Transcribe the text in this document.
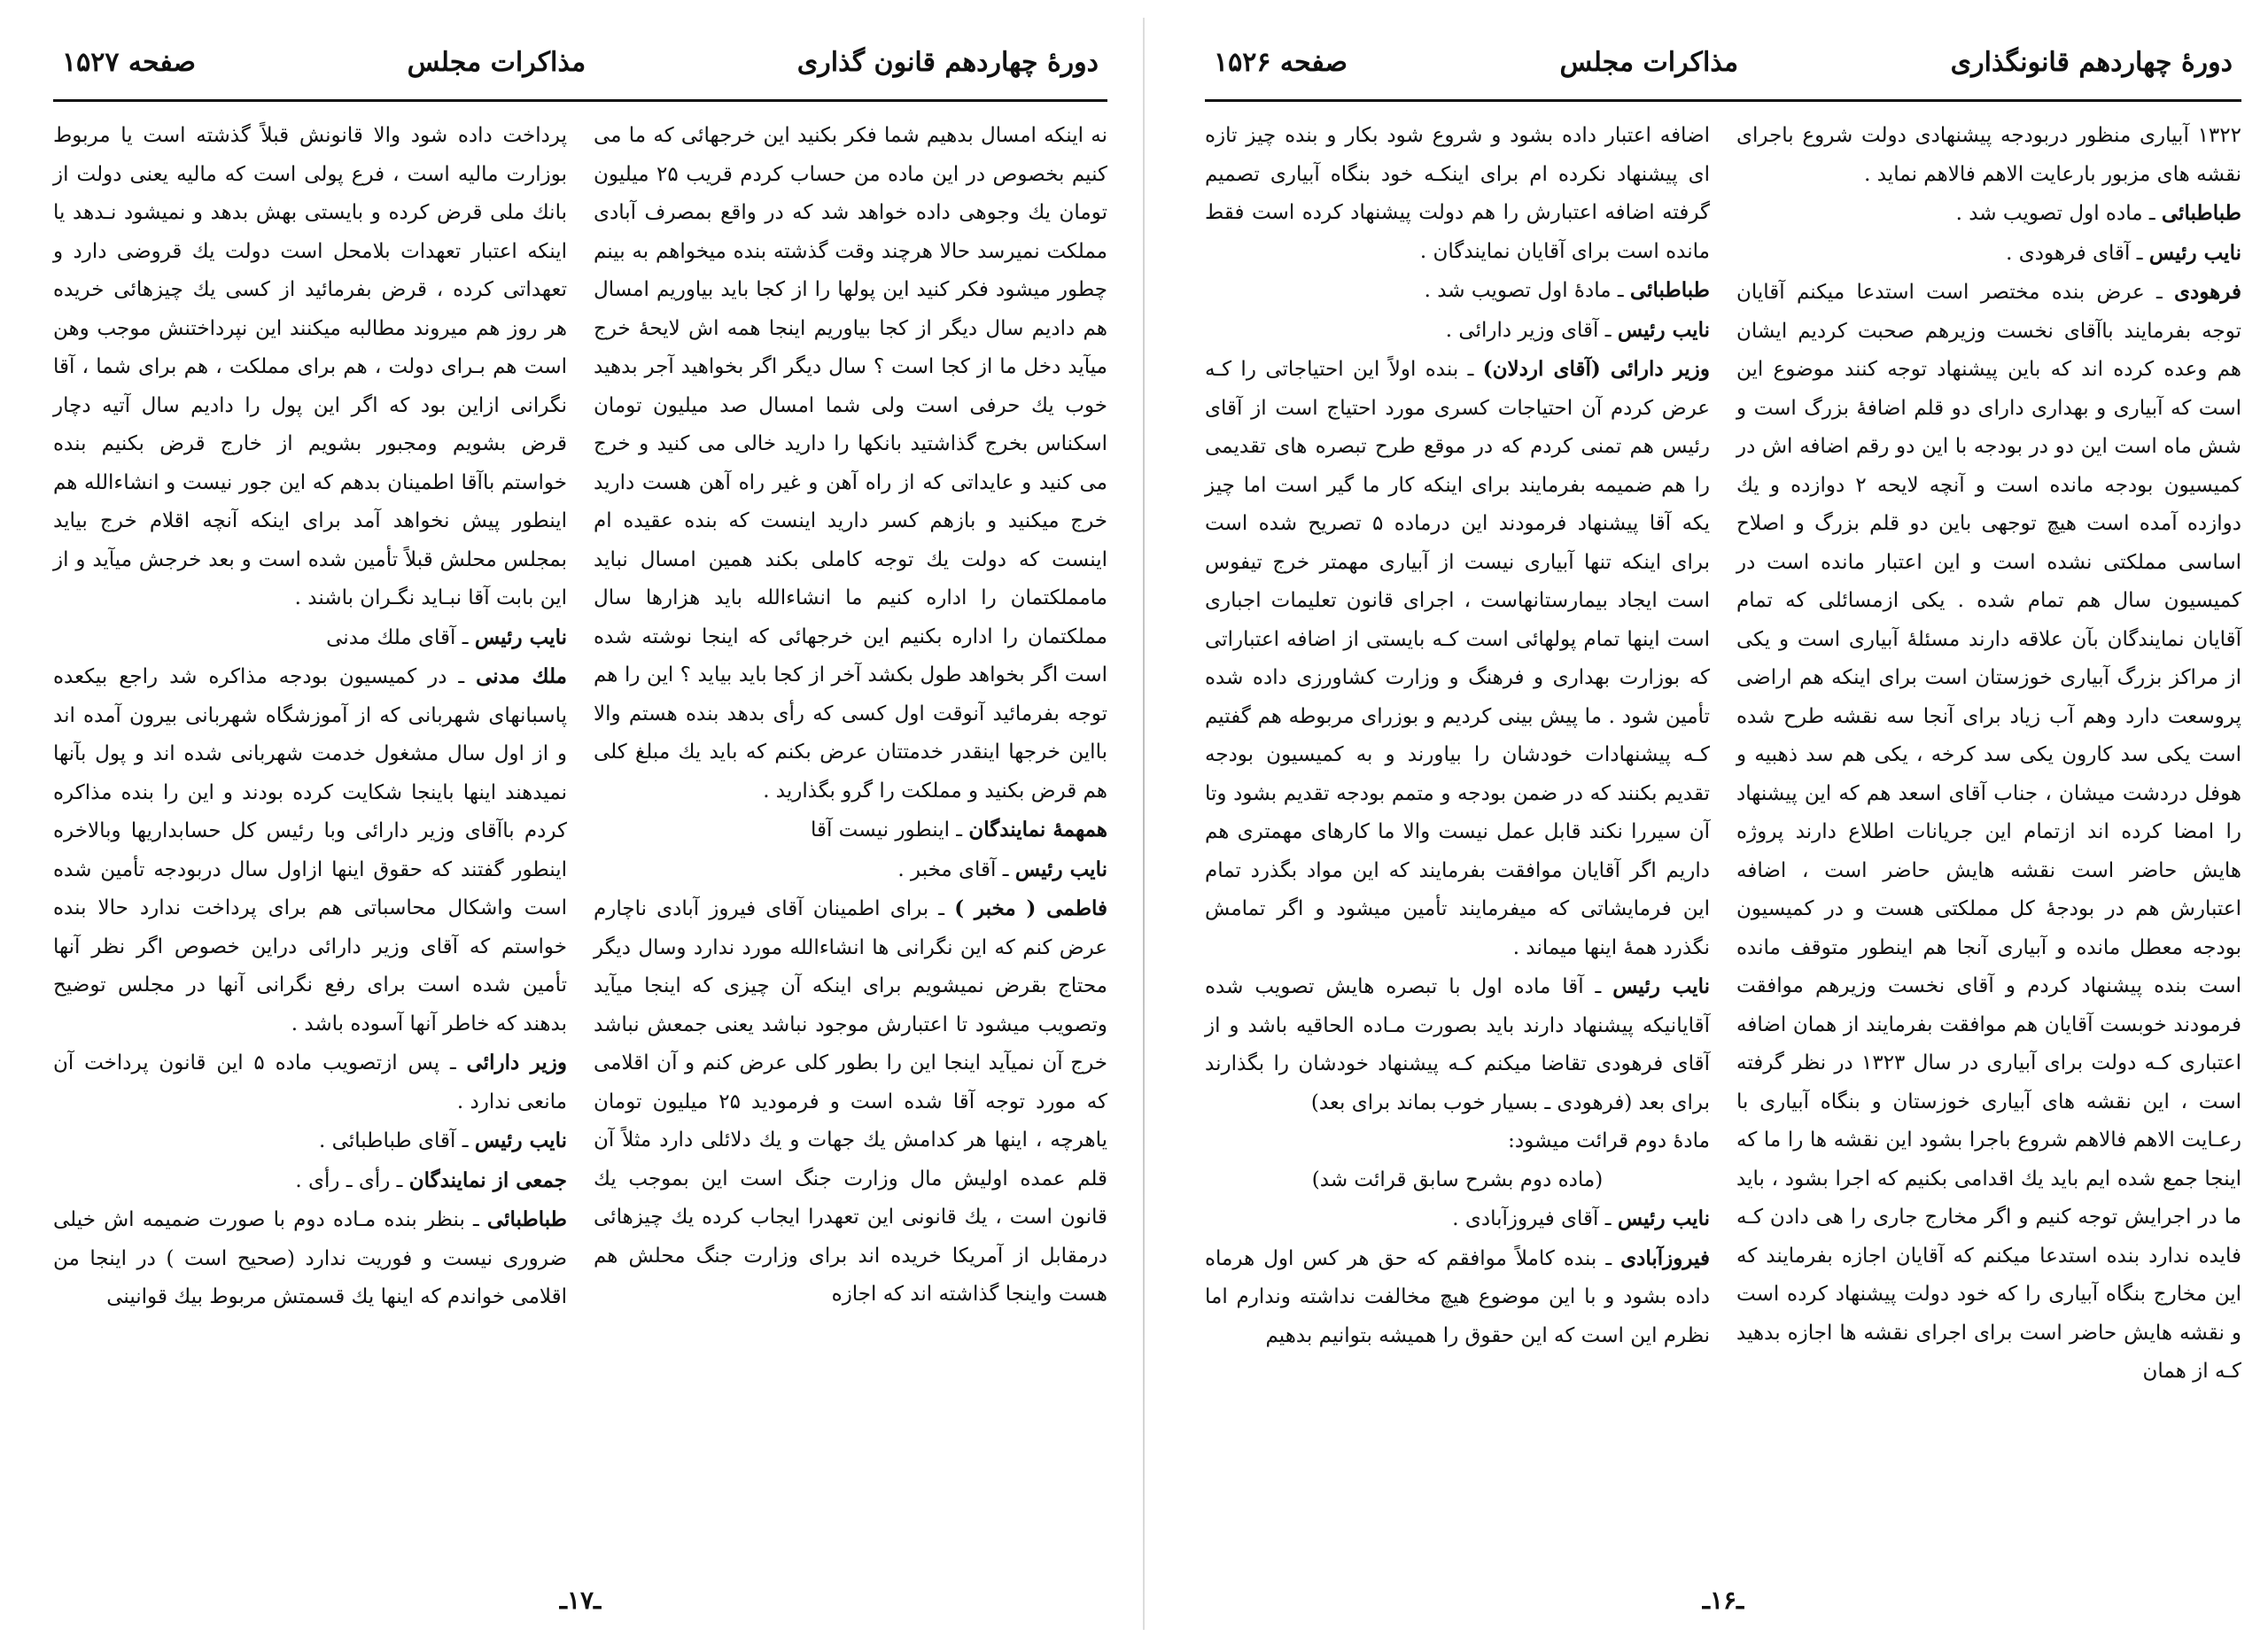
دورهٔ چهاردهم قانون گذاری
مذاکرات مجلس
صفحه ۱۵۲۷

نه اینکه امسال بدهیم شما فکر بکنید این خرجهائی که ما می کنیم بخصوص در این ماده من حساب کردم قریب ۲۵ میلیون تومان یك وجوهی داده خواهد شد که در واقع بمصرف آبادی مملکت نمیرسد حالا هرچند وقت گذشته بنده میخواهم به بینم چطور میشود فکر کنید این پولها را از کجا باید بیاوریم امسال هم دادیم سال دیگر از کجا بیاوریم اینجا همه اش لایحهٔ خرج میآید دخل ما از کجا است ؟ سال دیگر اگر بخواهید آجر بدهید خوب یك حرفی است ولی شما امسال صد میلیون تومان اسکناس بخرج گذاشتید بانکها را دارید خالی می کنید و خرج می کنید و عایداتی که از راه آهن و غیر راه آهن هست دارید خرج میکنید و بازهم کسر دارید اینست که بنده عقیده ام اینست که دولت یك توجه کاملی بکند همین امسال نباید مامملکتمان را اداره کنیم ما انشاءالله باید هزارها سال مملکتمان را اداره بکنیم این خرجهائی که اینجا نوشته شده است اگر بخواهد طول بکشد آخر از کجا باید بیاید ؟ این را هم توجه بفرمائید آنوقت اول کسی که رأی بدهد بنده هستم والا بااین خرجها اینقدر خدمتتان عرض بکنم که باید یك مبلغ کلی هم قرض بکنید و مملکت را گرو بگذارید .

همهمهٔ نمایندگان ـ اینطور نیست آقا

نایب رئیس ـ آقای مخبر .

فاطمی ( مخبر ) ـ برای اطمینان آقای فیروز آبادی ناچارم عرض کنم که این نگرانی ها انشاءالله مورد ندارد وسال دیگر محتاج بقرض نمیشویم برای اینکه آن چیزی که اینجا میآید وتصویب میشود تا اعتبارش موجود نباشد یعنی جمعش نباشد خرج آن نمیآید اینجا این را بطور کلی عرض کنم و آن اقلامی که مورد توجه آقا شده است و فرمودید ۲۵ میلیون تومان یاهرچه ، اینها هر کدامش یك جهات و یك دلائلی دارد مثلاً آن قلم عمده اولیش مال وزارت جنگ است این بموجب یك قانون است ، یك قانونی این تعهدرا ایجاب کرده یك چیزهائی درمقابل از آمریکا خریده اند برای وزارت جنگ محلش هم هست واینجا گذاشته اند که اجازه

پرداخت داده شود والا قانونش قبلاً گذشته است یا مربوط بوزارت مالیه است ، فرع پولی است که مالیه یعنی دولت از بانك ملی قرض کرده و بایستی بهش بدهد و نمیشود نـدهد یا اینکه اعتبار تعهدات بلامحل است دولت یك قروضی دارد و تعهداتی کرده ، قرض بفرمائید از کسی یك چیزهائی خریده هر روز هم میروند مطالبه میکنند این نپرداختنش موجب وهن است هم بـرای دولت ، هم برای مملکت ، هم برای شما ، آقا نگرانی ازاین بود که اگر این پول را دادیم سال آتیه دچار قرض بشویم ومجبور بشویم از خارج قرض بکنیم بنده خواستم باآقا اطمینان بدهم که این جور نیست و انشاءالله هم اینطور پیش نخواهد آمد برای اینکه آنچه اقلام خرج بیاید بمجلس محلش قبلاً تأمین شده است و بعد خرجش میآید و از این بابت آقا نبـاید نگـران باشند .

نایب رئیس ـ آقای ملك مدنی

ملك مدنی ـ در کمیسیون بودجه مذاکره شد راجع بیکعده پاسبانهای شهربانی که از آموزشگاه شهربانی بیرون آمده اند و از اول سال مشغول خدمت شهربانی شده اند و پول بآنها نمیدهند اینها باینجا شکایت کرده بودند و این را بنده مذاکره کردم باآقای وزیر دارائی وبا رئیس کل حسابداریها وبالاخره اینطور گفتند که حقوق اینها ازاول سال دربودجه تأمین شده است واشکال محاسباتی هم برای پرداخت ندارد حالا بنده خواستم که آقای وزیر دارائی دراین خصوص اگر نظر آنها تأمین شده است برای رفع نگرانی آنها در مجلس توضیح بدهند که خاطر آنها آسوده باشد .

وزیر دارائی ـ پس ازتصویب ماده ۵ این قانون پرداخت آن مانعی ندارد .

نایب رئیس ـ آقای طباطبائی .

جمعی از نمایندگان ـ رأی ـ رأی .

طباطبائی ـ بنظر بنده مـاده دوم با صورت ضمیمه اش خیلی ضروری نیست و فوریت ندارد (صحیح است ) در اینجا من اقلامی خواندم که اینها یك قسمتش مربوط بیك قوانینی

ـ۱۷ـ
دورهٔ چهاردهم قانونگذاری
مذاکرات مجلس
صفحه ۱۵۲۶

۱۳۲۲ آبیاری منظور دربودجه پیشنهادی دولت شروع باجرای نقشه های مزبور بارعایت الاهم فالاهم نماید .

طباطبائی ـ ماده اول تصویب شد .

نایب رئیس ـ آقای فرهودی .

فرهودی ـ عرض بنده مختصر است استدعا میکنم آقایان توجه بفرمایند باآقای نخست وزیرهم صحبت کردیم ایشان هم وعده کرده اند که باین پیشنهاد توجه کنند موضوع این است که آبیاری و بهداری دارای دو قلم اضافهٔ بزرگ است و شش ماه است این دو در بودجه با این دو رقم اضافه اش در کمیسیون بودجه مانده است و آنچه لایحه ۲ دوازده و یك دوازده آمده است هیچ توجهی باین دو قلم بزرگ و اصلاح اساسی مملکتی نشده است و این اعتبار مانده است در کمیسیون سال هم تمام شده . یکی ازمسائلی که تمام آقایان نمایندگان بآن علاقه دارند مسئلهٔ آبیاری است و یکی از مراکز بزرگ آبیاری خوزستان است برای اینکه هم اراضی پروسعت دارد وهم آب زیاد برای آنجا سه نقشه طرح شده است یکی سد کارون یکی سد کرخه ، یکی هم سد ذهبیه و هوفل دردشت میشان ، جناب آقای اسعد هم که این پیشنهاد را امضا کرده اند ازتمام این جریانات اطلاع دارند پروژه هایش حاضر است نقشه هایش حاضر است ، اضافه اعتبارش هم در بودجهٔ کل مملکتی هست و در کمیسیون بودجه معطل مانده و آبیاری آنجا هم اینطور متوقف مانده است بنده پیشنهاد کردم و آقای نخست وزیرهم موافقت فرمودند خوبست آقایان هم موافقت بفرمایند از همان اضافه اعتباری کـه دولت برای آبیاری در سال ۱۳۲۳ در نظر گرفته است ، این نقشه های آبیاری خوزستان و بنگاه آبیاری با رعـایت الاهم فالاهم شروع باجرا بشود این نقشه ها را ما که اینجا جمع شده ایم باید یك اقدامی بکنیم که اجرا بشود ، باید ما در اجرایش توجه کنیم و اگر مخارج جاری را هی دادن کـه فایده ندارد بنده استدعا میکنم که آقایان اجازه بفرمایند که این مخارج بنگاه آبیاری را که خود دولت پیشنهاد کرده است و نقشه هایش حاضر است برای اجرای نقشه ها اجازه بدهید کـه از همان

اضافه اعتبار داده بشود و شروع شود بکار و بنده چیز تازه ای پیشنهاد نکرده ام برای اینکـه خود بنگاه آبیاری تصمیم گرفته اضافه اعتبارش را هم دولت پیشنهاد کرده است فقط مانده است برای آقایان نمایندگان .

طباطبائی ـ مادهٔ اول تصویب شد .

نایب رئیس ـ آقای وزیر دارائی .

وزیر دارائی (آقای اردلان) ـ بنده اولاً این احتیاجاتی را کـه عرض کردم آن احتیاجات کسری مورد احتیاج است از آقای رئیس هم تمنی کردم که در موقع طرح تبصره های تقدیمی را هم ضمیمه بفرمایند برای اینکه کار ما گیر است اما چیز یکه آقا پیشنهاد فرمودند این درماده ۵ تصریح شده است برای اینکه تنها آبیاری نیست از آبیاری مهمتر خرج تیفوس است ایجاد بیمارستانهاست ، اجرای قانون تعلیمات اجباری است اینها تمام پولهائی است کـه بایستی از اضافه اعتباراتی که بوزارت بهداری و فرهنگ و وزارت کشاورزی داده شده تأمین شود . ما پیش بینی کردیم و بوزرای مربوطه هم گفتیم کـه پیشنهادات خودشان را بیاورند و به کمیسیون بودجه تقدیم بکنند که در ضمن بودجه و متمم بودجه تقدیم بشود وتا آن سیررا نکند قابل عمل نیست والا ما کارهای مهمتری هم داریم اگر آقایان موافقت بفرمایند که این مواد بگذرد تمام این فرمایشاتی که میفرمایند تأمین میشود و اگر تمامش نگذرد همهٔ اینها میماند .

نایب رئیس ـ آقا ماده اول با تبصره هایش تصویب شده آقایانیکه پیشنهاد دارند باید بصورت مـاده الحاقیه باشد و از آقای فرهودی تقاضا میکنم کـه پیشنهاد خودشان را بگذارند برای بعد (فرهودی ـ بسیار خوب بماند برای بعد)

مادهٔ دوم قرائت میشود:

(ماده دوم بشرح سابق قرائت شد)

نایب رئیس ـ آقای فیروزآبادی .

فیروزآبادی ـ بنده کاملاً موافقم که حق هر کس اول هرماه داده بشود و با این موضوع هیچ مخالفت نداشته وندارم اما نظرم این است که این حقوق را همیشه بتوانیم بدهیم

ـ۱۶ـ
